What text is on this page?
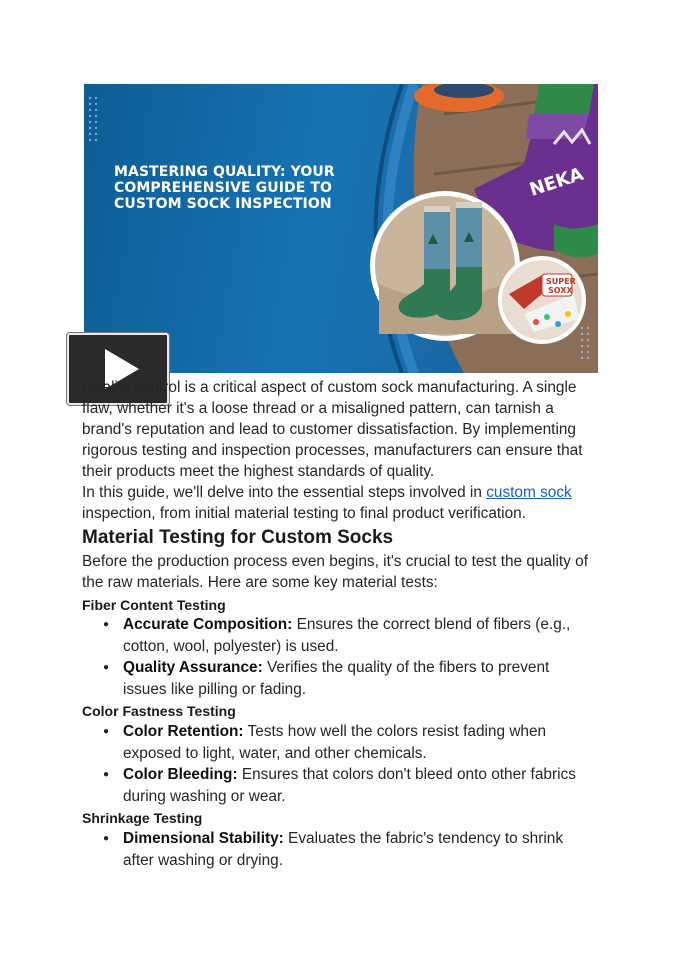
NEKA
SUPER
SOXX
MASTERING QUALITY: YOUR COMPREHENSIVE GUIDE TO CUSTOM SOCK INSPECTION

Quality control is a critical aspect of custom sock manufacturing. A single flaw, whether it's a loose thread or a misaligned pattern, can tarnish a brand's reputation and lead to customer dissatisfaction. By implementing rigorous testing and inspection processes, manufacturers can ensure that their products meet the highest standards of quality.

In this guide, we'll delve into the essential steps involved in custom sock inspection, from initial material testing to final product verification.

Material Testing for Custom Socks
Before the production process even begins, it's crucial to test the quality of the raw materials. Here are some key material tests:
Fiber Content Testing
● Accurate Composition: Ensures the correct blend of fibers (e.g., cotton, wool, polyester) is used.
● Quality Assurance: Verifies the quality of the fibers to prevent issues like pilling or fading.
Color Fastness Testing
● Color Retention: Tests how well the colors resist fading when exposed to light, water, and other chemicals.
● Color Bleeding: Ensures that colors don't bleed onto other fabrics during washing or wear.
Shrinkage Testing
● Dimensional Stability: Evaluates the fabric's tendency to shrink after washing or drying.
